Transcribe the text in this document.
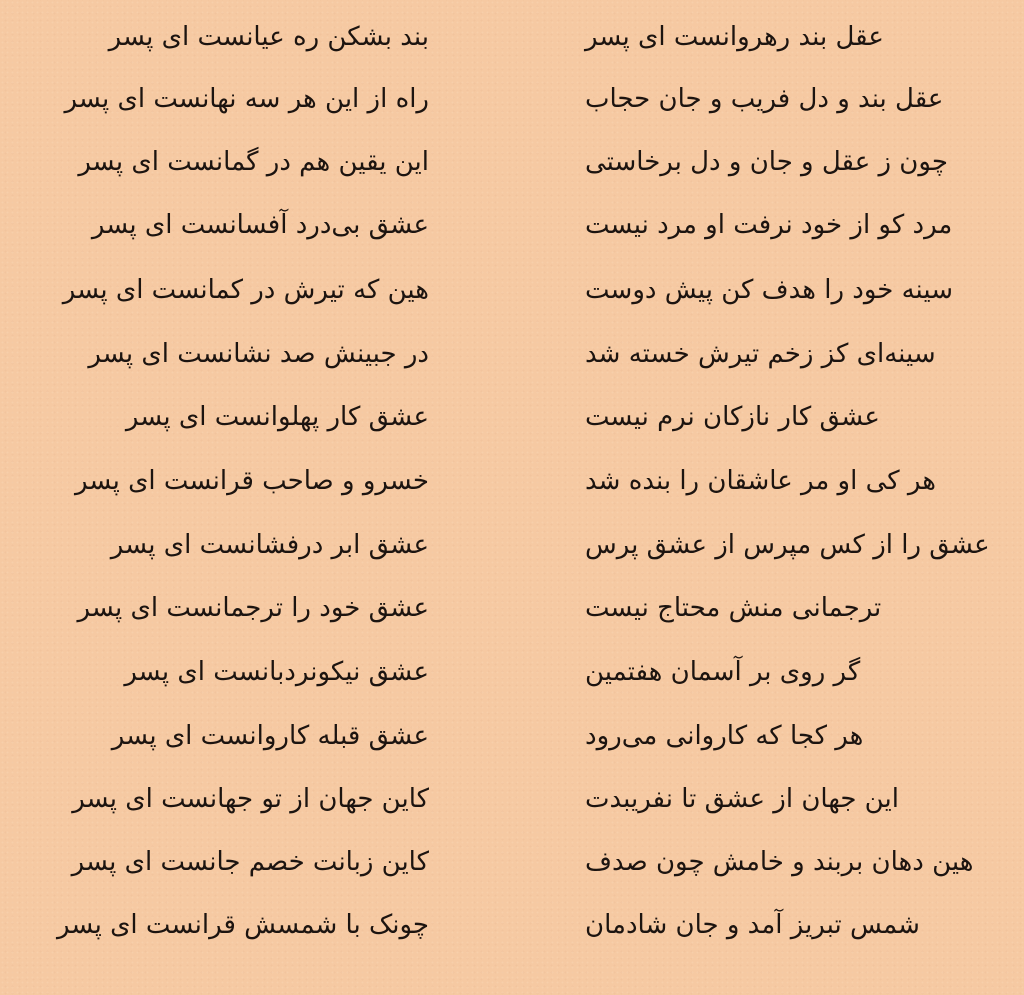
عقل بند رهروانست ای پسر
بند بشکن ره عیانست ای پسر
عقل بند و دل فریب و جان حجاب
راه از این هر سه نهانست ای پسر
چون ز عقل و جان و دل برخاستی
این یقین هم در گمانست ای پسر
مرد کو از خود نرفت او مرد نیست
عشق بی‌درد آفسانست ای پسر
سینه خود را هدف کن پیش دوست
هین که تیرش در کمانست ای پسر
سینه‌ای کز زخم تیرش خسته شد
در جبینش صد نشانست ای پسر
عشق کار نازکان نرم نیست
عشق کار پهلوانست ای پسر
هر کی او مر عاشقان را بنده شد
خسرو و صاحب قرانست ای پسر
عشق را از کس مپرس از عشق پرس
عشق ابر درفشانست ای پسر
ترجمانی منش محتاج نیست
عشق خود را ترجمانست ای پسر
گر روی بر آسمان هفتمین
عشق نیکونردبانست ای پسر
هر کجا که کاروانی می‌رود
عشق قبله کاروانست ای پسر
این جهان از عشق تا نفریبدت
کاین جهان از تو جهانست ای پسر
هین دهان بربند و خامش چون صدف
کاین زبانت خصم جانست ای پسر
شمس تبریز آمد و جان شادمان
چونک با شمسش قرانست ای پسر
